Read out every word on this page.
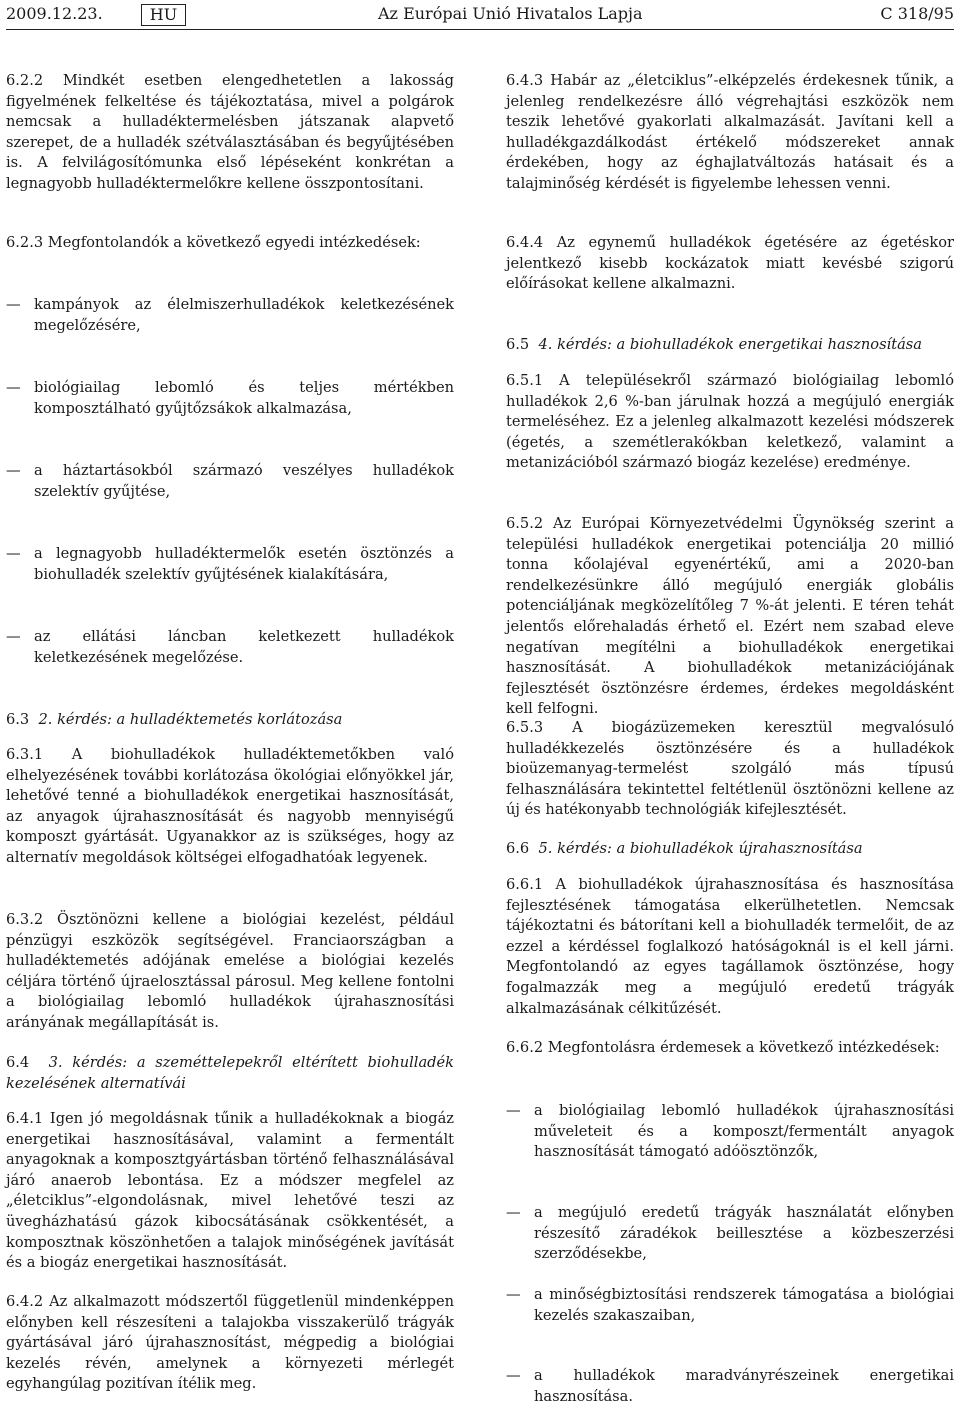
2009.12.23.	HU	Az Európai Unió Hivatalos Lapja	C 318/95

6.2.2 Mindkét esetben elengedhetetlen a lakosság figyelmének felkeltése és tájékoztatása, mivel a polgárok nemcsak a hulladéktermelésben játszanak alapvető szerepet, de a hulladék szétválasztásában és begyűjtésében is. A felvilágosítómunka első lépéseként konkrétan a legnagyobb hulladéktermelőkre kellene összpontosítani.

6.2.3 Megfontolandók a következő egyedi intézkedések:

— kampányok az élelmiszerhulladékok keletkezésének megelőzésére,
— biológiailag lebomló és teljes mértékben komposztálható gyűjtőzsákok alkalmazása,
— a háztartásokból származó veszélyes hulladékok szelektív gyűjtése,
— a legnagyobb hulladéktermelők esetén ösztönzés a biohulladék szelektív gyűjtésének kialakítására,
— az ellátási láncban keletkezett hulladékok keletkezésének megelőzése.
6.3 2. kérdés: a hulladéktemetés korlátozása

6.3.1 A biohulladékok hulladéktemetőkben való elhelyezésének további korlátozása ökológiai előnyökkel jár, lehetővé tenné a biohulladékok energetikai hasznosítását, az anyagok újrahasznosítását és nagyobb mennyiségű komposzt gyártását. Ugyanakkor az is szükséges, hogy az alternatív megoldások költségei elfogadhatóak legyenek.

6.3.2 Ösztönözni kellene a biológiai kezelést, például pénzügyi eszközök segítségével. Franciaországban a hulladéktemetés adójának emelése a biológiai kezelés céljára történő újraelosztással párosul. Meg kellene fontolni a biológiailag lebomló hulladékok újrahasznosítási arányának megállapítását is.

6.4 3. kérdés: a szeméttelepekről eltérített biohulladék kezelésének alternatívái

6.4.1 Igen jó megoldásnak tűnik a hulladékoknak a biogáz energetikai hasznosításával, valamint a fermentált anyagoknak a komposztgyártásban történő felhasználásával járó anaerob lebontása. Ez a módszer megfelel az „életciklus”-elgondolásnak, mivel lehetővé teszi az üvegházhatású gázok kibocsátásának csökkentését, a komposztnak köszönhetően a talajok minőségének javítását és a biogáz energetikai hasznosítását.

6.4.2 Az alkalmazott módszertől függetlenül mindenképpen előnyben kell részesíteni a talajokba visszakerülő trágyák gyártásával járó újrahasznosítást, mégpedig a biológiai kezelés révén, amelynek a környezeti mérlegét egyhangúlag pozitívan ítélik meg.

6.4.3 Habár az „életciklus”-elképzelés érdekesnek tűnik, a jelenleg rendelkezésre álló végrehajtási eszközök nem teszik lehetővé gyakorlati alkalmazását. Javítani kell a hulladékgazdálkodást értékelő módszereket annak érdekében, hogy az éghajlatváltozás hatásait és a talajminőség kérdését is figyelembe lehessen venni.

6.4.4 Az egynemű hulladékok égetésére az égetéskor jelentkező kisebb kockázatok miatt kevésbé szigorú előírásokat kellene alkalmazni.

6.5 4. kérdés: a biohulladékok energetikai hasznosítása

6.5.1 A településekről származó biológiailag lebomló hulladékok 2,6 %-ban járulnak hozzá a megújuló energiák termeléséhez. Ez a jelenleg alkalmazott kezelési módszerek (égetés, a szemétlerakókban keletkező, valamint a metanizációból származó biogáz kezelése) eredménye.

6.5.2 Az Európai Környezetvédelmi Ügynökség szerint a települési hulladékok energetikai potenciálja 20 millió tonna kőolajéval egyenértékű, ami a 2020-ban rendelkezésünkre álló megújuló energiák globális potenciáljának megközelítőleg 7 %-át jelenti. E téren tehát jelentős előrehaladás érhető el. Ezért nem szabad eleve negatívan megítélni a biohulladékok energetikai hasznosítását. A biohulladékok metanizációjának fejlesztését ösztönzésre érdemes, érdekes megoldásként kell felfogni.

6.5.3 A biogázüzemeken keresztül megvalósuló hulladékkezelés ösztönzésére és a hulladékok bioüzemanyag-termelést szolgáló más típusú felhasználására tekintettel feltétlenül ösztönözni kellene az új és hatékonyabb technológiák kifejlesztését.

6.6 5. kérdés: a biohulladékok újrahasznosítása

6.6.1 A biohulladékok újrahasznosítása és hasznosítása fejlesztésének támogatása elkerülhetetlen. Nemcsak tájékoztatni és bátorítani kell a biohulladék termelőit, de az ezzel a kérdéssel foglalkozó hatóságoknál is el kell járni. Megfontolandó az egyes tagállamok ösztönzése, hogy fogalmazzák meg a megújuló eredetű trágyák alkalmazásának célkitűzését.

6.6.2 Megfontolásra érdemesek a következő intézkedések:

— a biológiailag lebomló hulladékok újrahasznosítási műveleteit és a komposzt/fermentált anyagok hasznosítását támogató adóösztönzők,
— a megújuló eredetű trágyák használatát előnyben részesítő záradékok beillesztése a közbeszerzési szerződésekbe,
— a minőségbiztosítási rendszerek támogatása a biológiai kezelés szakaszaiban,
— a hulladékok maradványrészeinek energetikai hasznosítása.
